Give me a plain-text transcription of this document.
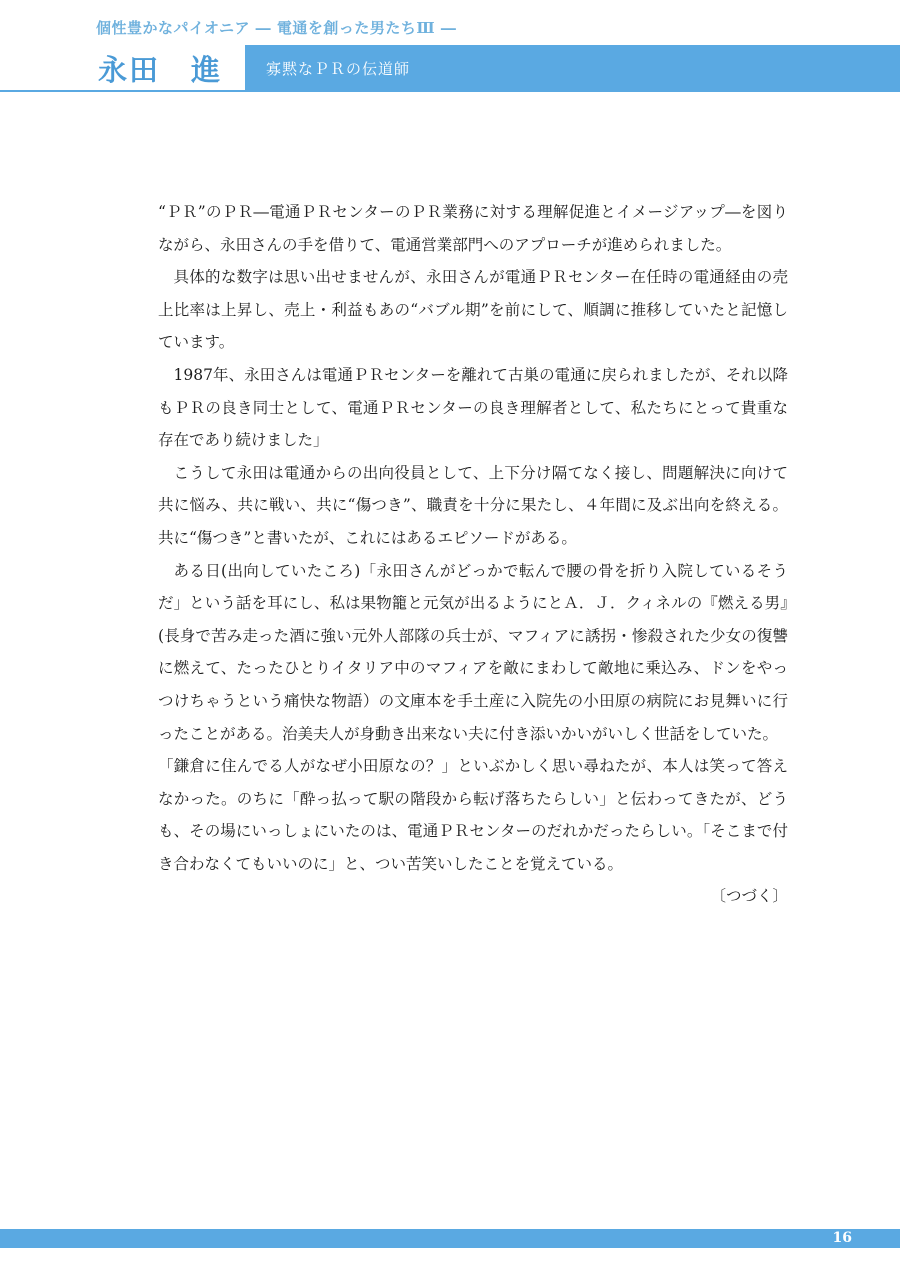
個性豊かなパイオニア ― 電通を創った男たちⅢ ―
永田　進	寡黙なＰＲの伝道師

“ＰＲ”のＰＲ―電通ＰＲセンターのＰＲ業務に対する理解促進とイメージアップ―を図りながら、永田さんの手を借りて、電通営業部門へのアプローチが進められました。

具体的な数字は思い出せませんが、永田さんが電通ＰＲセンター在任時の電通経由の売上比率は上昇し、売上・利益もあの“バブル期”を前にして、順調に推移していたと記憶しています。

1987年、永田さんは電通ＰＲセンターを離れて古巣の電通に戻られましたが、それ以降もＰＲの良き同士として、電通ＰＲセンターの良き理解者として、私たちにとって貴重な存在であり続けました」

こうして永田は電通からの出向役員として、上下分け隔てなく接し、問題解決に向けて共に悩み、共に戦い、共に“傷つき”、職責を十分に果たし、４年間に及ぶ出向を終える。共に“傷つき”と書いたが、これにはあるエピソードがある。

ある日(出向していたころ)「永田さんがどっかで転んで腰の骨を折り入院しているそうだ」という話を耳にし、私は果物籠と元気が出るようにとＡ．Ｊ．クィネルの『燃える男』(長身で苦み走った酒に強い元外人部隊の兵士が、マフィアに誘拐・惨殺された少女の復讐に燃えて、たったひとりイタリア中のマフィアを敵にまわして敵地に乗込み、ドンをやっつけちゃうという痛快な物語）の文庫本を手土産に入院先の小田原の病院にお見舞いに行ったことがある。治美夫人が身動き出来ない夫に付き添いかいがいしく世話をしていた。

「鎌倉に住んでる人がなぜ小田原なの？」といぶかしく思い尋ねたが、本人は笑って答えなかった。のちに「酔っ払って駅の階段から転げ落ちたらしい」と伝わってきたが、どうも、その場にいっしょにいたのは、電通ＰＲセンターのだれかだったらしい。「そこまで付き合わなくてもいいのに」と、つい苦笑いしたことを覚えている。

〔つづく〕

16
